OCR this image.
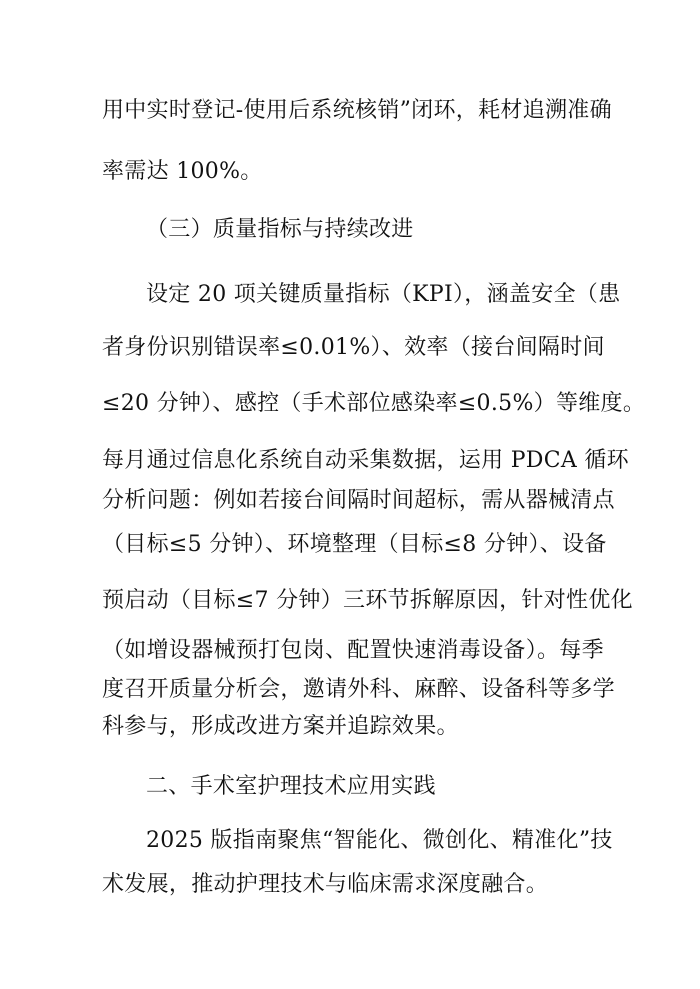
用中实时登记-使用后系统核销”闭环，耗材追溯准确
率需达 100%。
（三）质量指标与持续改进
设定 20 项关键质量指标（KPI），涵盖安全（患
者身份识别错误率≤0.01%）、效率（接台间隔时间
≤20 分钟）、感控（手术部位感染率≤0.5%）等维度。
每月通过信息化系统自动采集数据，运用 PDCA 循环
分析问题：例如若接台间隔时间超标，需从器械清点
（目标≤5 分钟）、环境整理（目标≤8 分钟）、设备
预启动（目标≤7 分钟）三环节拆解原因，针对性优化
（如增设器械预打包岗、配置快速消毒设备）。每季
度召开质量分析会，邀请外科、麻醉、设备科等多学
科参与，形成改进方案并追踪效果。
二、手术室护理技术应用实践
2025 版指南聚焦“智能化、微创化、精准化”技
术发展，推动护理技术与临床需求深度融合。
